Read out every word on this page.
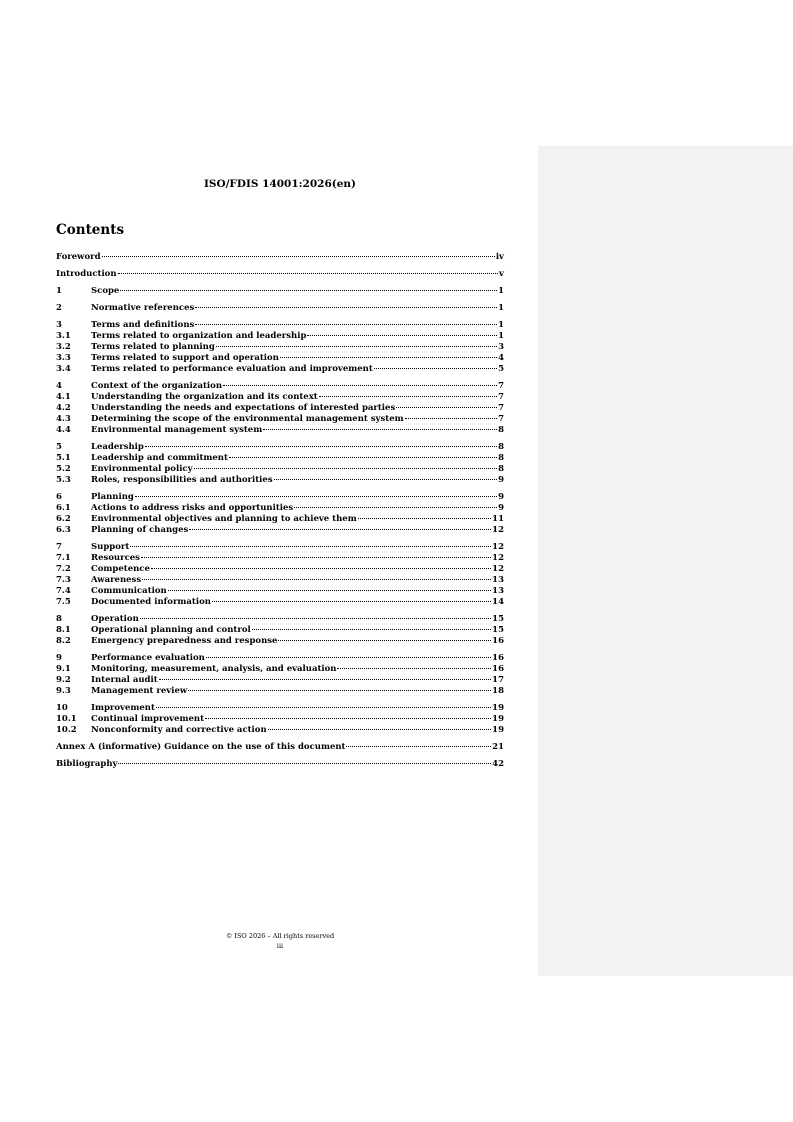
ISO/FDIS 14001:2026(en)
Contents
Foreword	iv
Introduction	v
1	Scope	1
2	Normative references	1
3	Terms and definitions	1
3.1	Terms related to organization and leadership	1
3.2	Terms related to planning	3
3.3	Terms related to support and operation	4
3.4	Terms related to performance evaluation and improvement	5
4	Context of the organization	7
4.1	Understanding the organization and its context	7
4.2	Understanding the needs and expectations of interested parties	7
4.3	Determining the scope of the environmental management system	7
4.4	Environmental management system	8
5	Leadership	8
5.1	Leadership and commitment	8
5.2	Environmental policy	8
5.3	Roles, responsibilities and authorities	9
6	Planning	9
6.1	Actions to address risks and opportunities	9
6.2	Environmental objectives and planning to achieve them	11
6.3	Planning of changes	12
7	Support	12
7.1	Resources	12
7.2	Competence	12
7.3	Awareness	13
7.4	Communication	13
7.5	Documented information	14
8	Operation	15
8.1	Operational planning and control	15
8.2	Emergency preparedness and response	16
9	Performance evaluation	16
9.1	Monitoring, measurement, analysis, and evaluation	16
9.2	Internal audit	17
9.3	Management review	18
10	Improvement	19
10.1	Continual improvement	19
10.2	Nonconformity and corrective action	19
Annex A (informative) Guidance on the use of this document	21
Bibliography	42
© ISO 2026 – All rights reserved
iii
